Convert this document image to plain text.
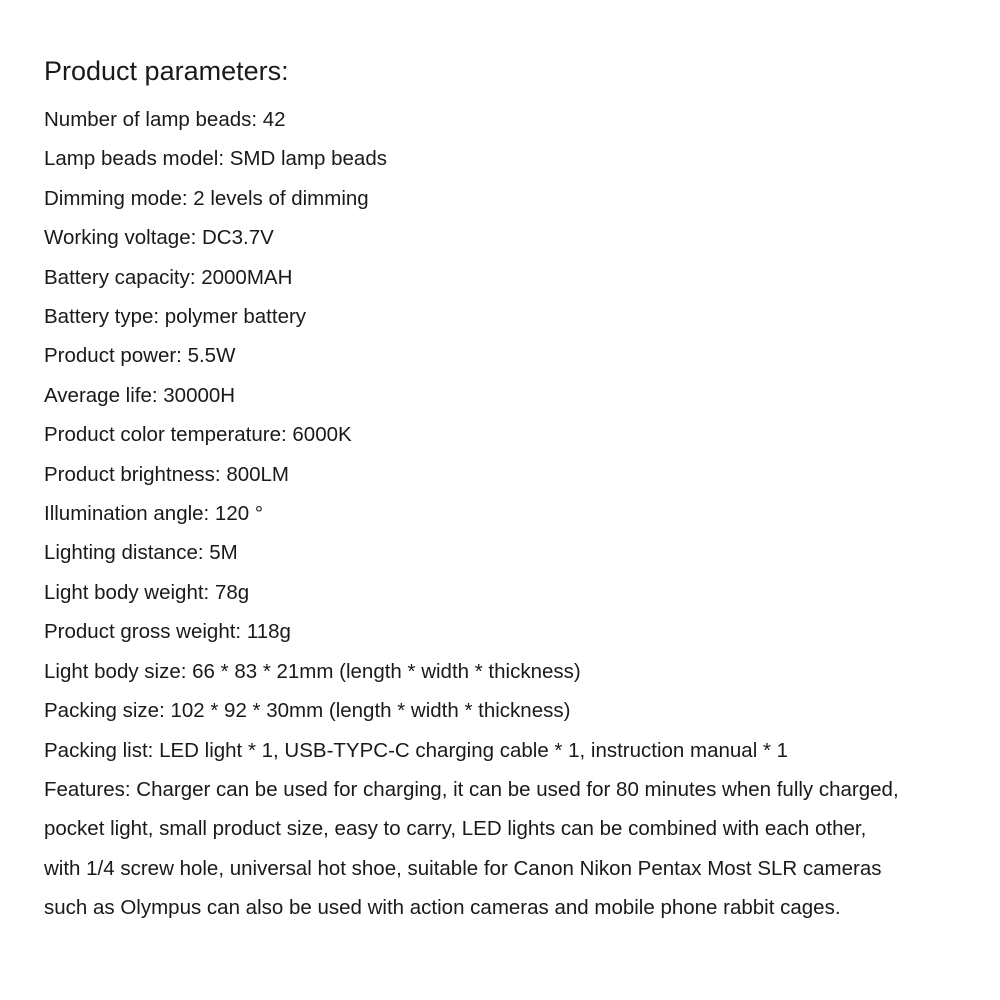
Product parameters:
Number of lamp beads: 42
Lamp beads model: SMD lamp beads
Dimming mode: 2 levels of dimming
Working voltage: DC3.7V
Battery capacity: 2000MAH
Battery type: polymer battery
Product power: 5.5W
Average life: 30000H
Product color temperature: 6000K
Product brightness: 800LM
Illumination angle: 120 °
Lighting distance: 5M
Light body weight: 78g
Product gross weight: 118g
Light body size: 66 * 83 * 21mm (length * width * thickness)
Packing size: 102 * 92 * 30mm (length * width * thickness)
Packing list: LED light * 1, USB-TYPC-C charging cable * 1, instruction manual * 1
Features: Charger can be used for charging, it can be used for 80 minutes when fully charged,
pocket light, small product size, easy to carry, LED lights can be combined with each other,
with 1/4 screw hole, universal hot shoe, suitable for Canon Nikon Pentax Most SLR cameras
such as Olympus can also be used with action cameras and mobile phone rabbit cages.
